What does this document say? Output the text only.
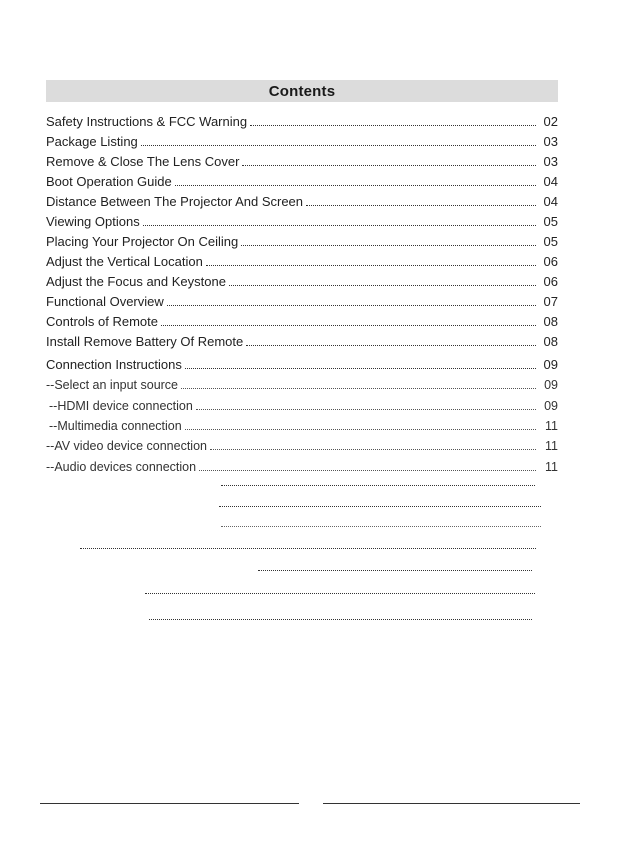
Contents
Safety Instructions & FCC Warning	02
Package Listing	03
Remove & Close The Lens Cover	03
Boot Operation Guide	04
Distance Between The Projector And Screen	04
Viewing Options	05
Placing Your Projector On Ceiling	05
Adjust the Vertical Location	06
Adjust the Focus and Keystone	06
Functional Overview	07
Controls of Remote	08
Install Remove Battery Of Remote	08
Connection Instructions	09
--Select an input source	09
--HDMI device connection	09
--Multimedia connection	11
--AV video device connection	11
--Audio devices connection	11
